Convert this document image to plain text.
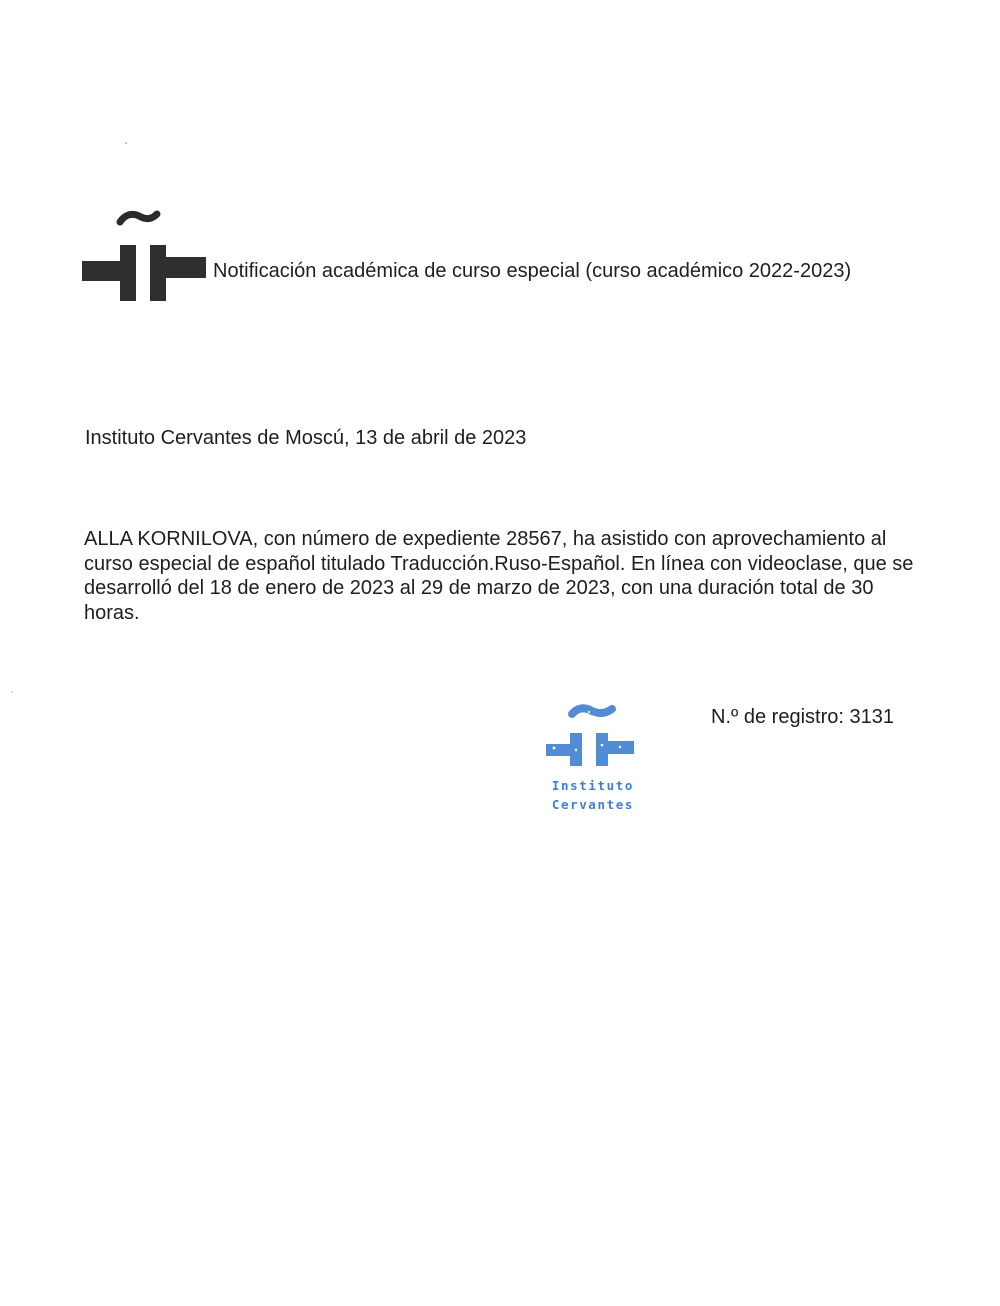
Notificación académica de curso especial (curso académico 2022-2023)
Instituto Cervantes de Moscú, 13 de abril de 2023

ALLA KORNILOVA, con número de expediente 28567, ha asistido con aprovechamiento al curso especial de español titulado Traducción.Ruso-Español. En línea con videoclase, que se desarrolló del 18 de enero de 2023 al 29 de marzo de 2023, con una duración total de 30 horas.

Instituto
Cervantes
N.º de registro: 3131
